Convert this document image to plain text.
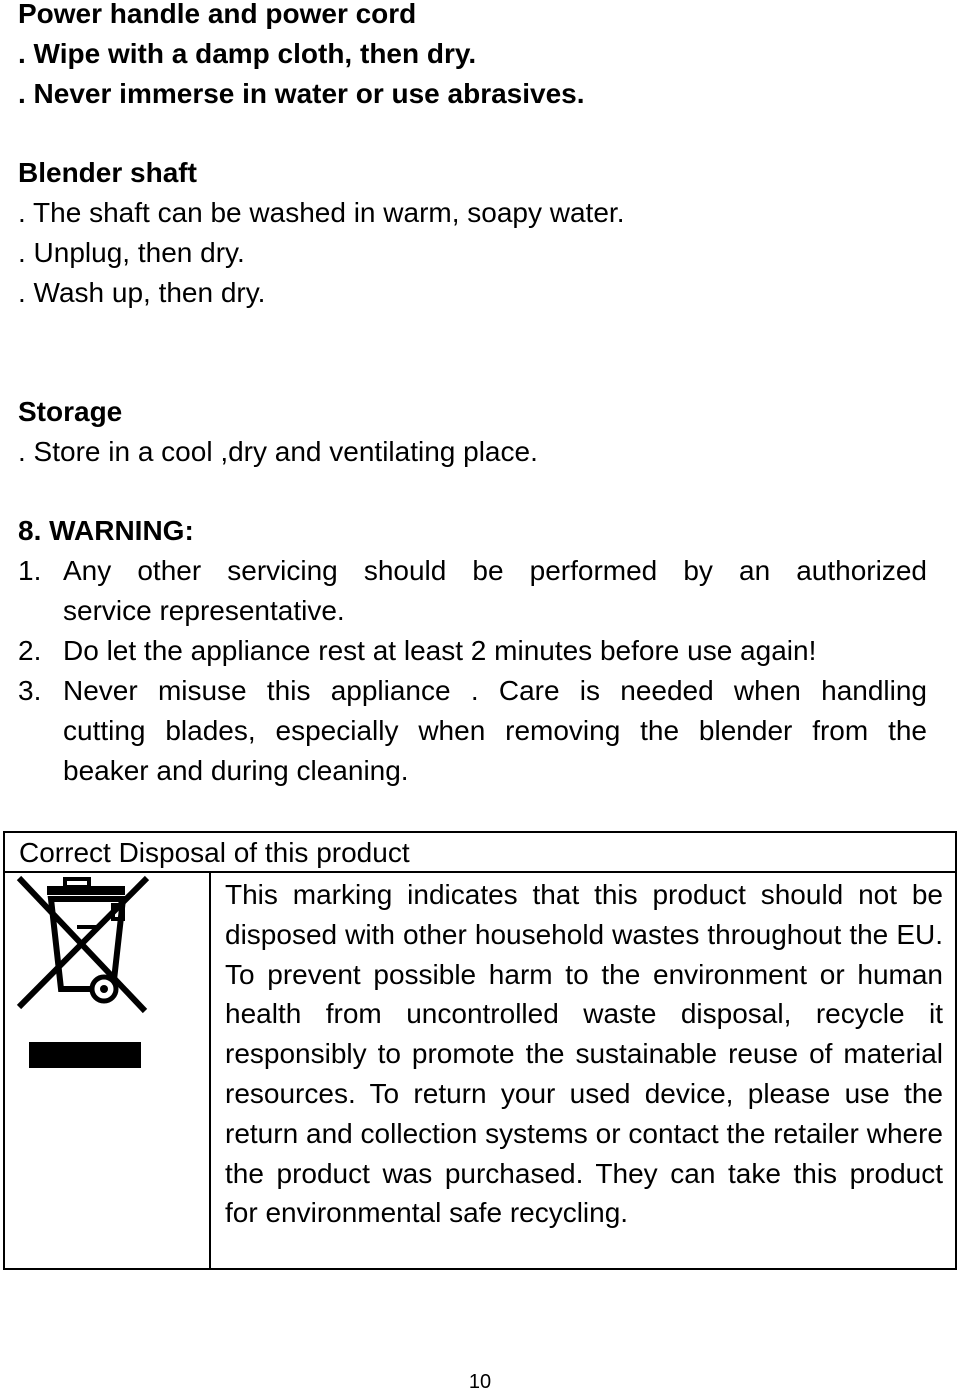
Power handle and power cord
. Wipe with a damp cloth, then dry.
. Never immerse in water or use abrasives.
Blender shaft
. The shaft can be washed in warm, soapy water.
. Unplug, then dry.
. Wash up, then dry.
Storage
. Store in a cool ,dry and ventilating place.
8. WARNING:
1. Any other servicing should be performed by an authorized
service representative.
2. Do let the appliance rest at least 2 minutes before use again!
3. Never misuse this appliance . Care is needed when handling
cutting blades, especially when removing the blender from the
beaker and during cleaning.
Correct Disposal of this product

This marking indicates that this product should not be disposed with other household wastes throughout the EU. To prevent possible harm to the environment or human health from uncontrolled waste disposal, recycle it responsibly to promote the sustainable reuse of material resources. To return your used device, please use the return and collection systems or contact the retailer where the product was purchased. They can take this product for environmental safe recycling.

10
